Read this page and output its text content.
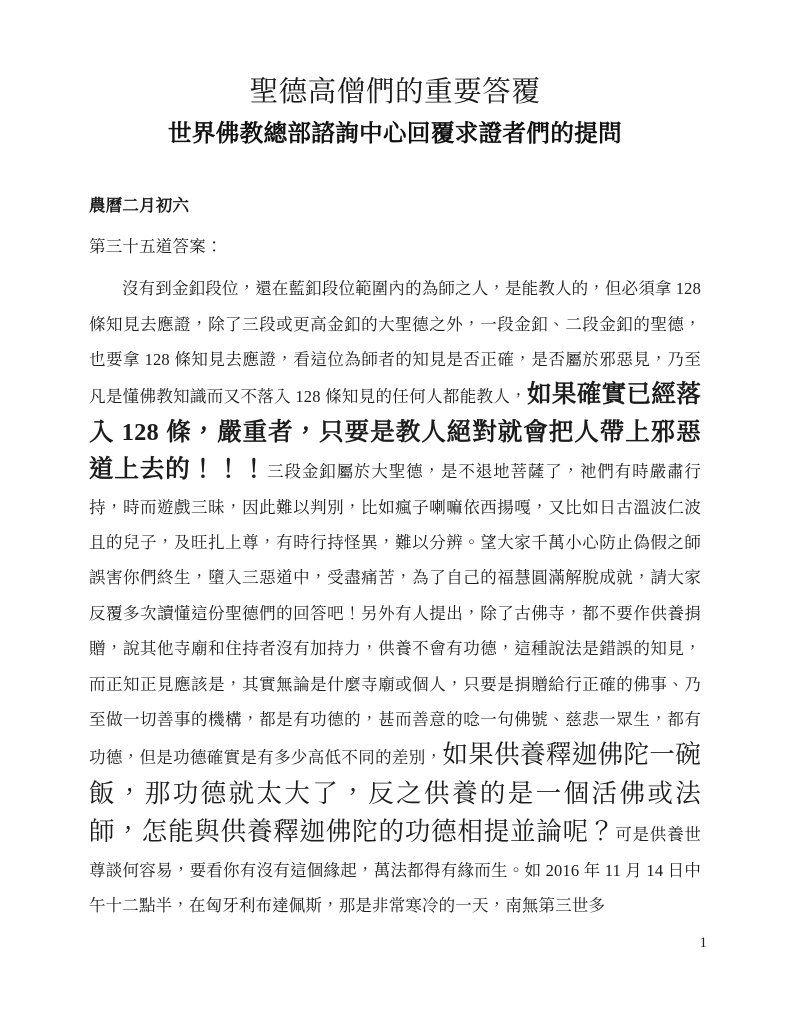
聖德高僧們的重要答覆
世界佛教總部諮詢中心回覆求證者們的提問

農曆二月初六

第三十五道答案：

沒有到金釦段位，還在藍釦段位範圍內的為師之人，是能教人的，但必須拿 128 條知見去應證，除了三段或更高金釦的大聖德之外，一段金釦、二段金釦的聖德，也要拿 128 條知見去應證，看這位為師者的知見是否正確，是否屬於邪惡見，乃至凡是懂佛教知識而又不落入 128 條知見的任何人都能教人，如果確實已經落入 128 條，嚴重者，只要是教人絕對就會把人帶上邪惡道上去的！！！三段金釦屬於大聖德，是不退地菩薩了，祂們有時嚴肅行持，時而遊戲三昧，因此難以判別，比如瘋子喇嘛依西揚嘎，又比如日古溫波仁波且的兒子，及旺扎上尊，有時行持怪異，難以分辨。望大家千萬小心防止偽假之師誤害你們終生，墮入三惡道中，受盡痛苦，為了自己的福慧圓滿解脫成就，請大家反覆多次讀懂這份聖德們的回答吧！另外有人提出，除了古佛寺，都不要作供養捐贈，說其他寺廟和住持者沒有加持力，供養不會有功德，這種說法是錯誤的知見，而正知正見應該是，其實無論是什麼寺廟或個人，只要是捐贈給行正確的佛事、乃至做一切善事的機構，都是有功德的，甚而善意的唸一句佛號、慈悲一眾生，都有功德，但是功德確實是有多少高低不同的差別，如果供養釋迦佛陀一碗飯，那功德就太大了，反之供養的是一個活佛或法師，怎能與供養釋迦佛陀的功德相提並論呢？可是供養世尊談何容易，要看你有沒有這個緣起，萬法都得有緣而生。如 2016 年 11 月 14 日中午十二點半，在匈牙利布達佩斯，那是非常寒冷的一天，南無第三世多

1
